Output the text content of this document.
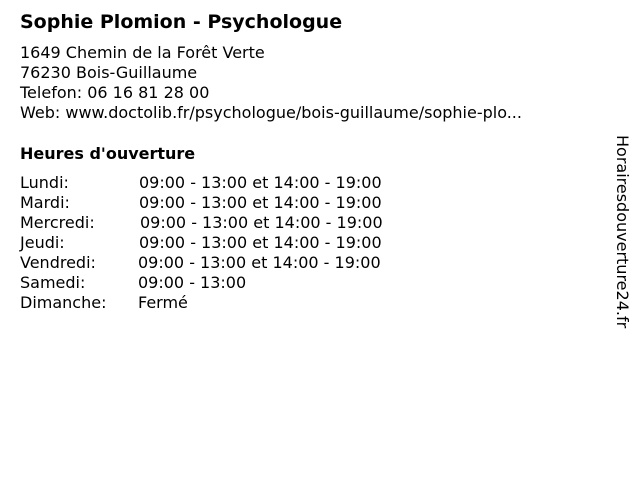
Sophie Plomion - Psychologue
1649 Chemin de la Forêt Verte
76230 Bois-Guillaume
Telefon: 06 16 81 28 00
Web: www.doctolib.fr/psychologue/bois-guillaume/sophie-plo...
Heures d'ouverture
Lundi:	09:00 - 13:00 et 14:00 - 19:00
Mardi:	09:00 - 13:00 et 14:00 - 19:00
Mercredi:	09:00 - 13:00 et 14:00 - 19:00
Jeudi:	09:00 - 13:00 et 14:00 - 19:00
Vendredi:	09:00 - 13:00 et 14:00 - 19:00
Samedi:	09:00 - 13:00
Dimanche: Fermé	Horairesdouverture24.fr
